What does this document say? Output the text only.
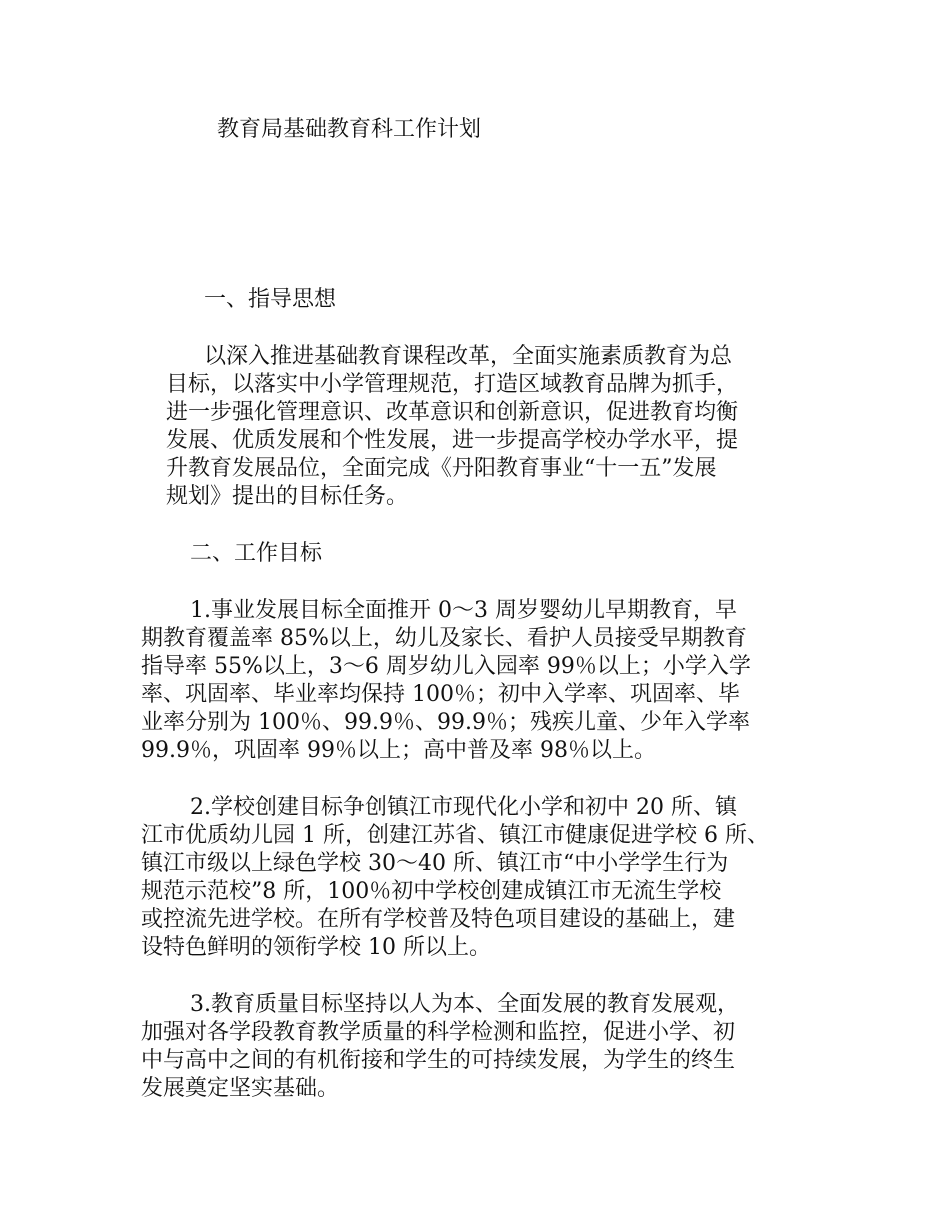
教育局基础教育科工作计划
一、指导思想
以深入推进基础教育课程改革，全面实施素质教育为总
目标，以落实中小学管理规范，打造区域教育品牌为抓手，
进一步强化管理意识、改革意识和创新意识，促进教育均衡
发展、优质发展和个性发展，进一步提高学校办学水平，提
升教育发展品位，全面完成《丹阳教育事业“十一五”发展
规划》提出的目标任务。
二、工作目标
1.事业发展目标全面推开 0～3 周岁婴幼儿早期教育，早
期教育覆盖率 85%以上，幼儿及家长、看护人员接受早期教育
指导率 55%以上，3～6 周岁幼儿入园率 99％以上；小学入学
率、巩固率、毕业率均保持 100％；初中入学率、巩固率、毕
业率分别为 100％、99.9％、99.9％；残疾儿童、少年入学率
99.9％，巩固率 99％以上；高中普及率 98％以上。
2.学校创建目标争创镇江市现代化小学和初中 20 所、镇
江市优质幼儿园 1 所，创建江苏省、镇江市健康促进学校 6 所、
镇江市级以上绿色学校 30～40 所、镇江市“中小学学生行为
规范示范校”8 所，100％初中学校创建成镇江市无流生学校
或控流先进学校。在所有学校普及特色项目建设的基础上，建
设特色鲜明的领衔学校 10 所以上。
3.教育质量目标坚持以人为本、全面发展的教育发展观，
加强对各学段教育教学质量的科学检测和监控，促进小学、初
中与高中之间的有机衔接和学生的可持续发展，为学生的终生
发展奠定坚实基础。
